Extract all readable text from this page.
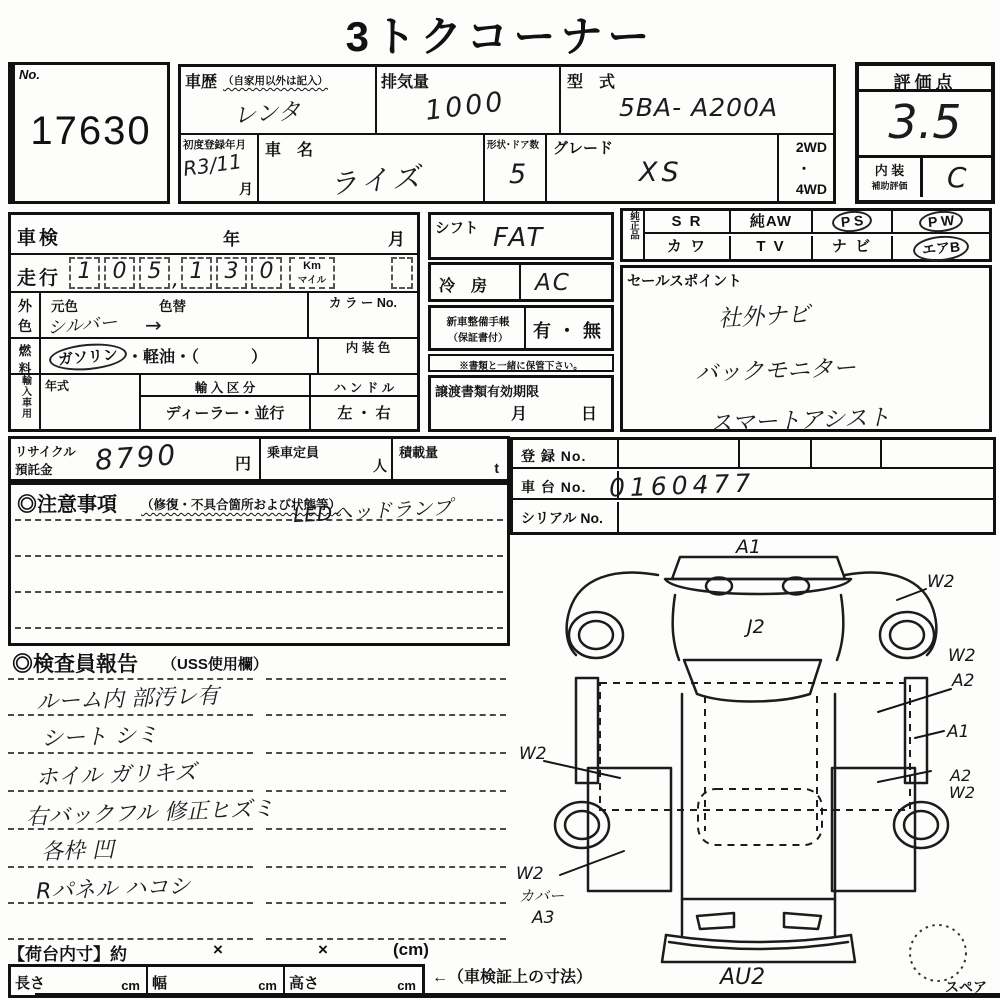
3トクコーナー
No.
17630
車歴 （自家用以外は記入）
レンタ
排気量
1000
型　式
5BA- A200A
初度登録年月
R3/11
月
車　名
ライズ
形状･ドア数
5
グレード
XS
2WD
・
4WD
評価点
3.5
内 装
補助評価	C
車検	年	月
走行 1 0 5 , 1 3 0	Km
マイル
外
色
元色	色替
シルバー →
カ ラ ー No.
燃
料
ガソリン ・軽油・（	）
内 装 色
輸入車用	年式	輸 入 区 分
ディーラー・並行
ハ ン ド ル
左 ・ 右
シフト FAT
冷　房 AC
新車整備手帳
（保証書付）	有 ・ 無
※書類と一緒に保管下さい。
譲渡書類有効期限
月	日
純正品	S R	純AW	P S	P W
カ ワ	T V	ナ ビ	エアB
セールスポイント
社外ナビ
バックモニター
スマートアシスト
リサイクル
預託金	8790	円
乗車定員
人
積載量
t
登 録 No.
車 台 No. 0160477
シリアル No.
◎注意事項 （修復・不具合箇所および状態等）
LEDヘッドランプ
◎検査員報告 （USS使用欄）
ルーム内 部汚レ有
シート シミ
ホイル ガリキズ
右バックフル 修正ヒズミ
各枠 凹
Rパネル ハコシ
【荷台内寸】約	×	×	(cm)
長さ	cm 幅	cm 高さ	cm ←（車検証上の寸法）
A1
J2
W2
W2
A2
A1
A2
W2
W2
W2
カバー
A3
AU2	スペア
